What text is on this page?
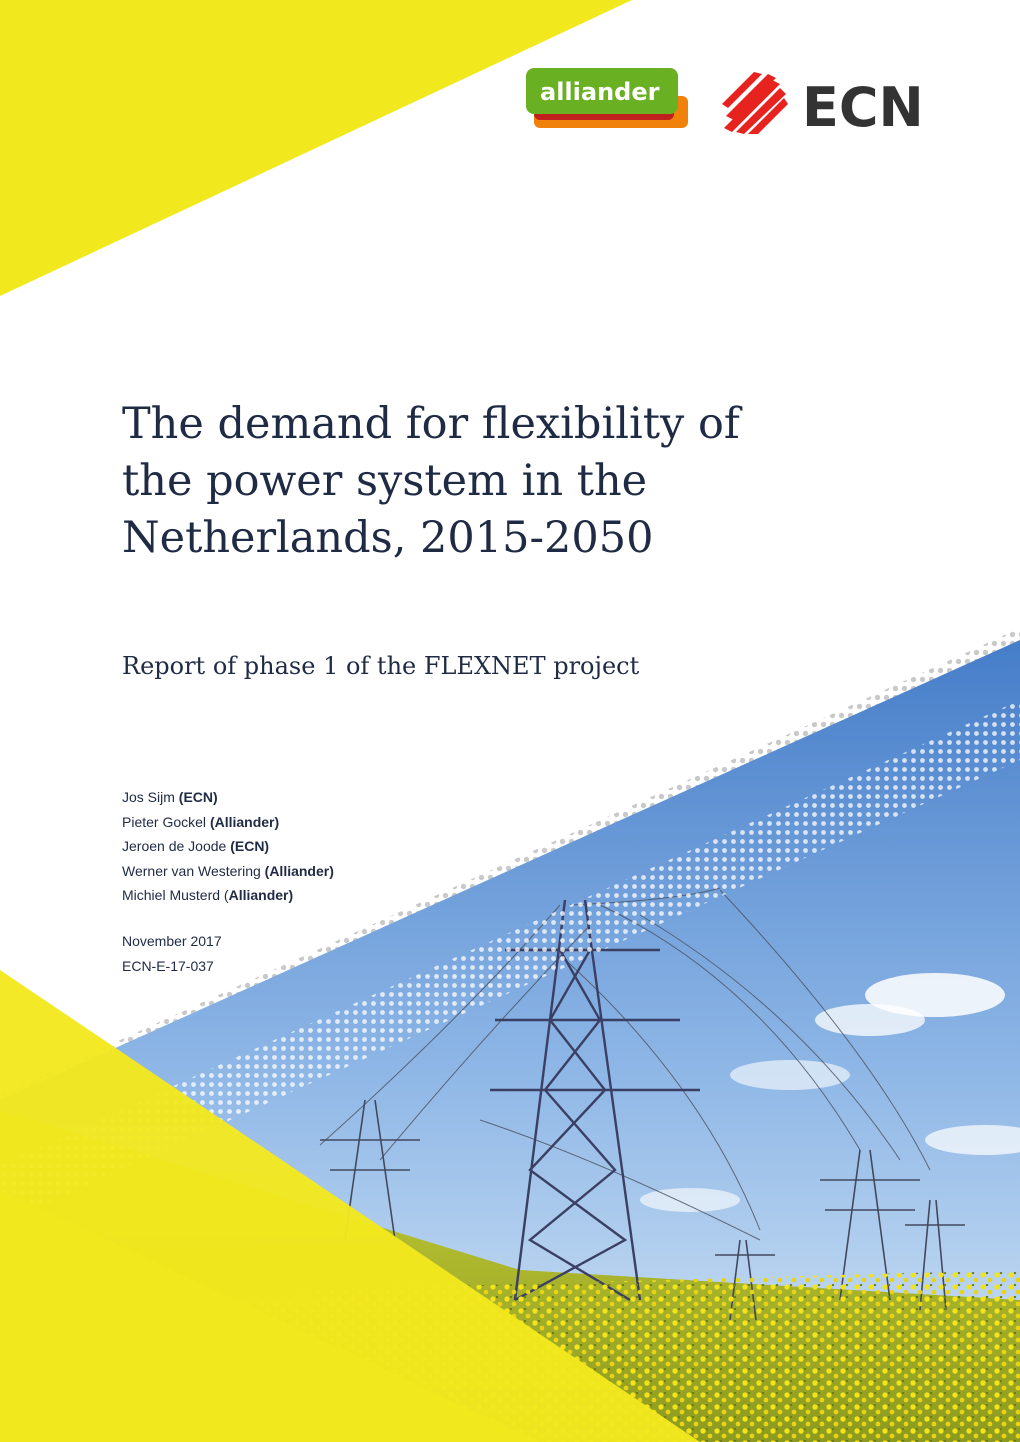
alliander	ECN
The demand for flexibility of
the power system in the
Netherlands, 2015-2050

Report of phase 1 of the FLEXNET project

Jos Sijm (ECN)
Pieter Gockel (Alliander)
Jeroen de Joode (ECN)
Werner van Westering (Alliander)
Michiel Musterd (Alliander)
November 2017
ECN-E-17-037
